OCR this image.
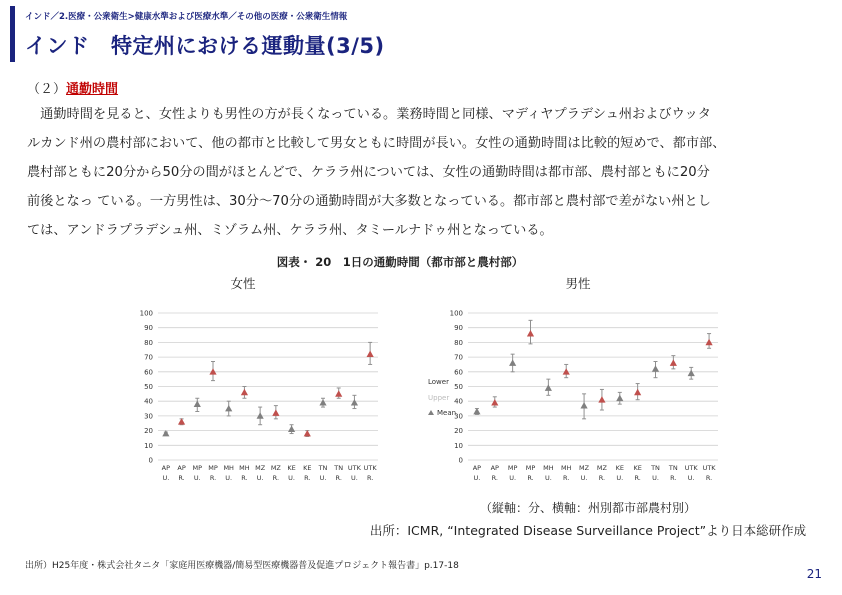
インド／2.医療・公衆衛生>健康水準および医療水準／その他の医療・公衆衛生情報
インド　特定州における運動量(3/5)
（２）通勤時間
　通勤時間を見ると、女性よりも男性の方が長くなっている。業務時間と同様、マディヤプラデシュ州およびウッタ
ルカンド州の農村部において、他の都市と比較して男女ともに時間が長い。女性の通勤時間は比較的短めで、都市部、
農村部ともに20分から50分の間がほとんどで、ケララ州については、女性の通勤時間は都市部、農村部ともに20分
前後となっ ている。一方男性は、30分～70分の通勤時間が大多数となっている。都市部と農村部で差がない州とし
ては、アンドラプラデシュ州、ミゾラム州、ケララ州、タミールナドゥ州となっている。
図表・ 20　1日の通勤時間（都市部と農村部）
女性
0
10
20
30
40
50
60
70
80
90
100
AP
U.
AP
R.
MP
U.
MP
R.
MH
U.
MH
R.
MZ
U.
MZ
R.
KE
U.
KE
R.
TN
U.
TN
R.
UTK
U.
UTK
R.
男性
0
10
20
30
40
50
60
70
80
90
100
AP
U.
AP
R.
MP
U.
MP
R.
MH
U.
MH
R.
MZ
U.
MZ
R.
KE
U.
KE
R.
TN
U.
TN
R.
UTK
U.
UTK
R.
Lower
Upper
Mean
（縦軸：分、横軸：州別都市部農村別）
出所：ICMR, “Integrated Disease Surveillance Project”より日本総研作成
出所）H25年度・株式会社タニタ「家庭用医療機器/簡易型医療機器普及促進プロジェクト報告書」p.17-18
21
